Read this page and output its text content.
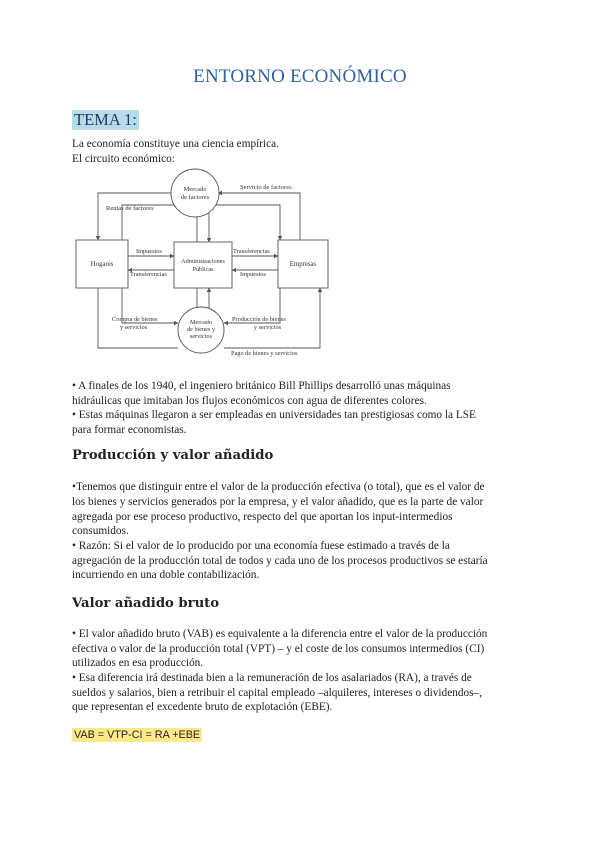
ENTORNO ECONÓMICO
TEMA 1:
La economía constituye una ciencia empírica.
El circuito económico:
Mercado
de factores
Hogares	Administraciones
Públicas
Empresas
Mercado
de bienes y
servicios
Servicio de factores
Rentas de factores
Impuestos
Transferencias
Transferencias
Impuestos
Compra de bienes
y servicios
Producción de bienes
y servicios
Pago de bienes y servicios
• A finales de los 1940, el ingeniero británico Bill Phillips desarrolló unas máquinas
hidráulicas que imitaban los flujos económicos con agua de diferentes colores.
• Estas máquinas llegaron a ser empleadas en universidades tan prestigiosas como la LSE
para formar economistas.
Producción y valor añadido
•Tenemos que distinguir entre el valor de la producción efectiva (o total), que es el valor de
los bienes y servicios generados por la empresa, y el valor añadido, que es la parte de valor
agregada por ese proceso productivo, respecto del que aportan los input-intermedios
consumidos.
• Razón: Si el valor de lo producido por una economía fuese estimado a través de la
agregación de la producción total de todos y cada uno de los procesos productivos se estaría
incurriendo en una doble contabilización.
Valor añadido bruto
• El valor añadido bruto (VAB) es equivalente a la diferencia entre el valor de la producción
efectiva o valor de la producción total (VPT) – y el coste de los consumos intermedios (CI)
utilizados en esa producción.
• Esa diferencia irá destinada bien a la remuneración de los asalariados (RA), a través de
sueldos y salarios, bien a retribuir el capital empleado –alquileres, intereses o dividendos–,
que representan el excedente bruto de explotación (EBE).
VAB = VTP-CI = RA +EBE
